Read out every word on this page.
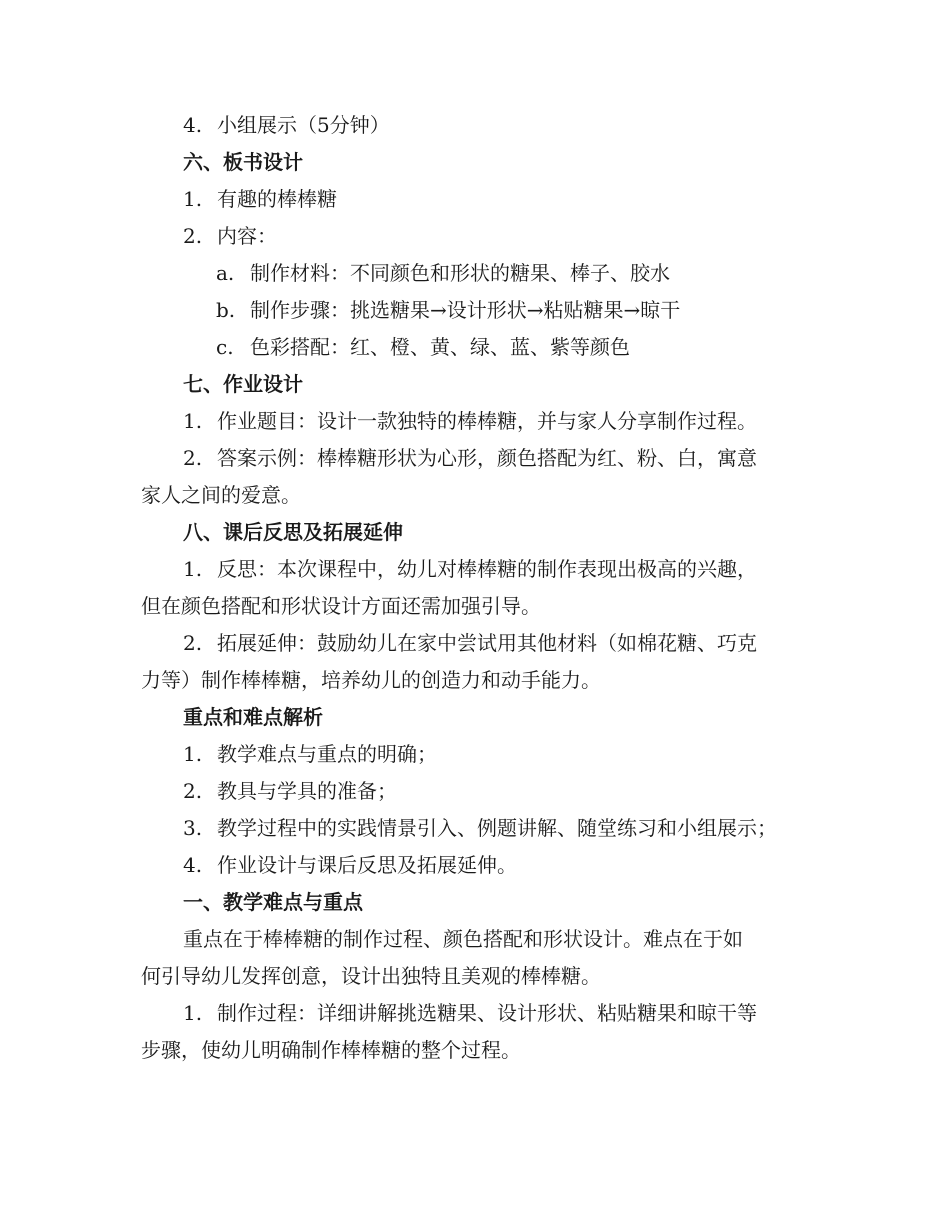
4. 小组展示（5分钟）
六、板书设计
1. 有趣的棒棒糖
2. 内容：
a. 制作材料：不同颜色和形状的糖果、棒子、胶水
b. 制作步骤：挑选糖果→设计形状→粘贴糖果→晾干
c. 色彩搭配：红、橙、黄、绿、蓝、紫等颜色
七、作业设计
1. 作业题目：设计一款独特的棒棒糖，并与家人分享制作过程。
2. 答案示例：棒棒糖形状为心形，颜色搭配为红、粉、白，寓意
家人之间的爱意。
八、课后反思及拓展延伸
1. 反思：本次课程中，幼儿对棒棒糖的制作表现出极高的兴趣，
但在颜色搭配和形状设计方面还需加强引导。
2. 拓展延伸：鼓励幼儿在家中尝试用其他材料（如棉花糖、巧克
力等）制作棒棒糖，培养幼儿的创造力和动手能力。
重点和难点解析
1. 教学难点与重点的明确；
2. 教具与学具的准备；
3. 教学过程中的实践情景引入、例题讲解、随堂练习和小组展示；
4. 作业设计与课后反思及拓展延伸。
一、教学难点与重点
重点在于棒棒糖的制作过程、颜色搭配和形状设计。难点在于如
何引导幼儿发挥创意，设计出独特且美观的棒棒糖。
1. 制作过程：详细讲解挑选糖果、设计形状、粘贴糖果和晾干等
步骤，使幼儿明确制作棒棒糖的整个过程。
